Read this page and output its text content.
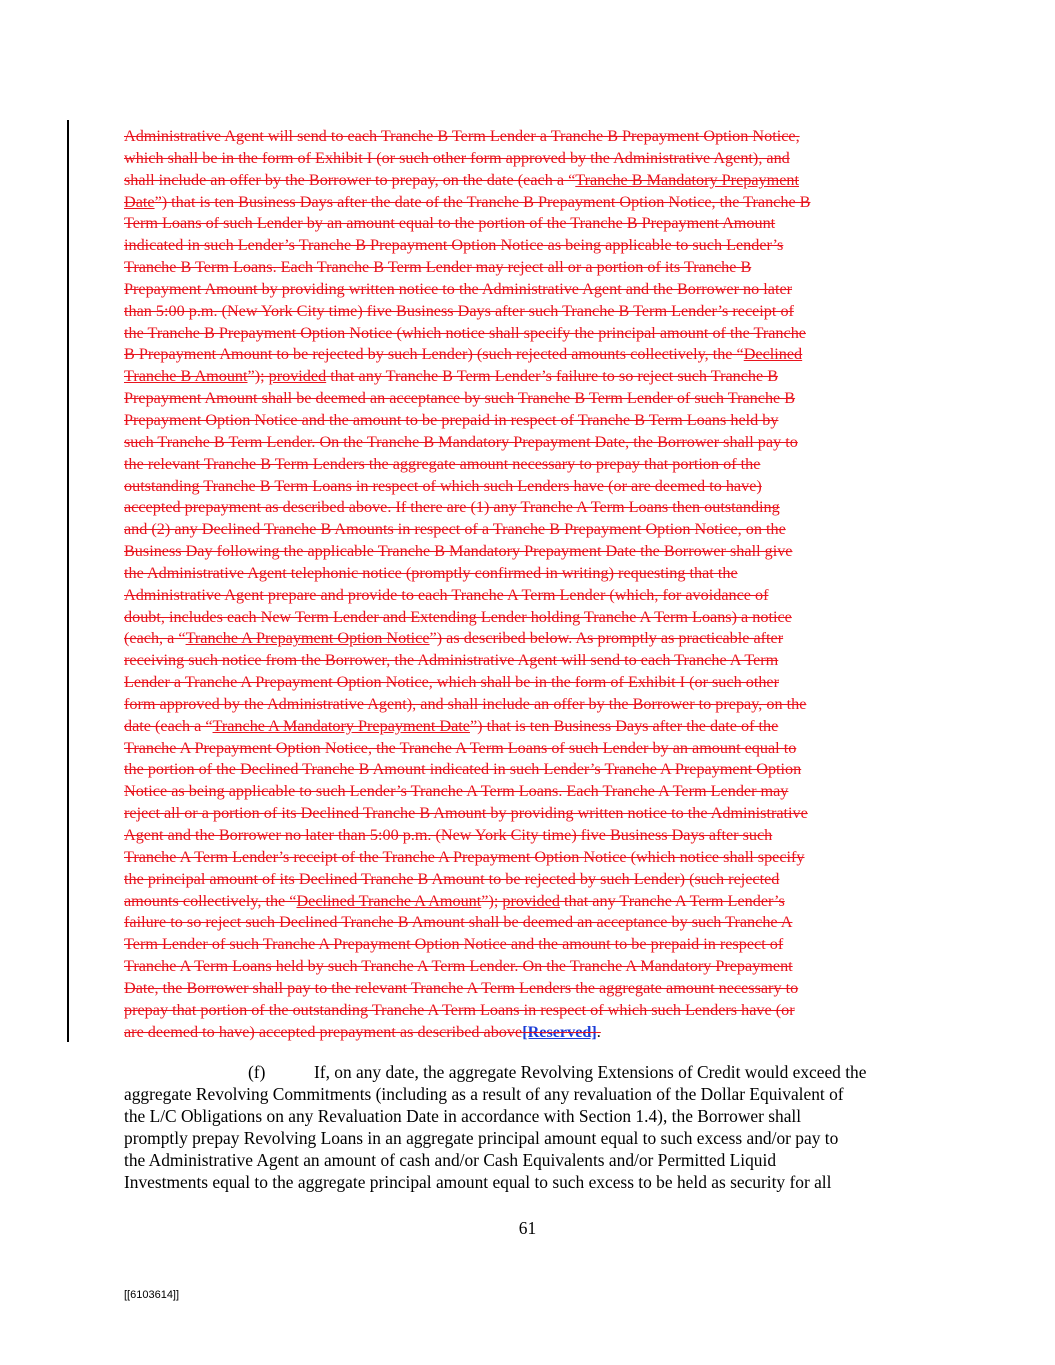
Administrative Agent will send to each Tranche B Term Lender a Tranche B Prepayment Option Notice,
which shall be in the form of Exhibit I (or such other form approved by the Administrative Agent), and
shall include an offer by the Borrower to prepay, on the date (each a “Tranche B Mandatory Prepayment
Date”) that is ten Business Days after the date of the Tranche B Prepayment Option Notice, the Tranche B
Term Loans of such Lender by an amount equal to the portion of the Tranche B Prepayment Amount
indicated in such Lender’s Tranche B Prepayment Option Notice as being applicable to such Lender’s
Tranche B Term Loans. Each Tranche B Term Lender may reject all or a portion of its Tranche B
Prepayment Amount by providing written notice to the Administrative Agent and the Borrower no later
than 5:00 p.m. (New York City time) five Business Days after such Tranche B Term Lender’s receipt of
the Tranche B Prepayment Option Notice (which notice shall specify the principal amount of the Tranche
B Prepayment Amount to be rejected by such Lender) (such rejected amounts collectively, the “Declined
Tranche B Amount”); provided that any Tranche B Term Lender’s failure to so reject such Tranche B
Prepayment Amount shall be deemed an acceptance by such Tranche B Term Lender of such Tranche B
Prepayment Option Notice and the amount to be prepaid in respect of Tranche B Term Loans held by
such Tranche B Term Lender. On the Tranche B Mandatory Prepayment Date, the Borrower shall pay to
the relevant Tranche B Term Lenders the aggregate amount necessary to prepay that portion of the
outstanding Tranche B Term Loans in respect of which such Lenders have (or are deemed to have)
accepted prepayment as described above. If there are (1) any Tranche A Term Loans then outstanding
and (2) any Declined Tranche B Amounts in respect of a Tranche B Prepayment Option Notice, on the
Business Day following the applicable Tranche B Mandatory Prepayment Date the Borrower shall give
the Administrative Agent telephonic notice (promptly confirmed in writing) requesting that the
Administrative Agent prepare and provide to each Tranche A Term Lender (which, for avoidance of
doubt, includes each New Term Lender and Extending Lender holding Tranche A Term Loans) a notice
(each, a “Tranche A Prepayment Option Notice”) as described below. As promptly as practicable after
receiving such notice from the Borrower, the Administrative Agent will send to each Tranche A Term
Lender a Tranche A Prepayment Option Notice, which shall be in the form of Exhibit I (or such other
form approved by the Administrative Agent), and shall include an offer by the Borrower to prepay, on the
date (each a “Tranche A Mandatory Prepayment Date”) that is ten Business Days after the date of the
Tranche A Prepayment Option Notice, the Tranche A Term Loans of such Lender by an amount equal to
the portion of the Declined Tranche B Amount indicated in such Lender’s Tranche A Prepayment Option
Notice as being applicable to such Lender’s Tranche A Term Loans. Each Tranche A Term Lender may
reject all or a portion of its Declined Tranche B Amount by providing written notice to the Administrative
Agent and the Borrower no later than 5:00 p.m. (New York City time) five Business Days after such
Tranche A Term Lender’s receipt of the Tranche A Prepayment Option Notice (which notice shall specify
the principal amount of its Declined Tranche B Amount to be rejected by such Lender) (such rejected
amounts collectively, the “Declined Tranche A Amount”); provided that any Tranche A Term Lender’s
failure to so reject such Declined Tranche B Amount shall be deemed an acceptance by such Tranche A
Term Lender of such Tranche A Prepayment Option Notice and the amount to be prepaid in respect of
Tranche A Term Loans held by such Tranche A Term Lender. On the Tranche A Mandatory Prepayment
Date, the Borrower shall pay to the relevant Tranche A Term Lenders the aggregate amount necessary to
prepay that portion of the outstanding Tranche A Term Loans in respect of which such Lenders have (or
are deemed to have) accepted prepayment as described above[Reserved].
(f)	If, on any date, the aggregate Revolving Extensions of Credit would exceed the
aggregate Revolving Commitments (including as a result of any revaluation of the Dollar Equivalent of
the L/C Obligations on any Revaluation Date in accordance with Section 1.4), the Borrower shall
promptly prepay Revolving Loans in an aggregate principal amount equal to such excess and/or pay to
the Administrative Agent an amount of cash and/or Cash Equivalents and/or Permitted Liquid
Investments equal to the aggregate principal amount equal to such excess to be held as security for all
61
[[6103614]]
